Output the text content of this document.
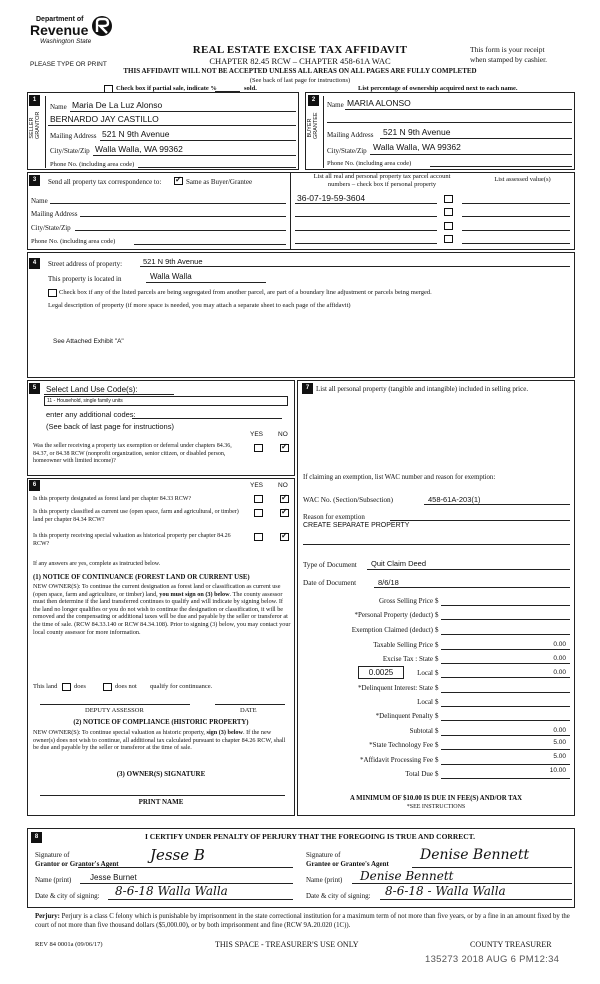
Department of
Revenue
Washington State
PLEASE TYPE OR PRINT
REAL ESTATE EXCISE TAX AFFIDAVIT
CHAPTER 82.45 RCW – CHAPTER 458-61A WAC
THIS AFFIDAVIT WILL NOT BE ACCEPTED UNLESS ALL AREAS ON ALL PAGES ARE FULLY COMPLETED
(See back of last page for instructions)
This form is your receipt
when stamped by cashier.
Check box if partial sale, indicate %	sold.	List percentage of ownership acquired next to each name.
1
SELLER GRANTOR
Name Maria De La Luz Alonso
BERNARDO JAY CASTILLO
Mailing Address 521 N 9th Avenue
City/State/Zip Walla Walla, WA 99362
Phone No. (including area code)
2
BUYER GRANTEE
Name MARIA ALONSO
Mailing Address 521 N 9th Avenue
City/State/Zip Walla Walla, WA 99362
Phone No. (including area code)
3	Send all property tax correspondence to:
✓	Same as Buyer/Grantee
Name
Mailing Address
City/State/Zip
Phone No. (including area code)
List all real and personal property tax parcel account
numbers – check box if personal property
List assessed value(s)
36-07-19-59-3604
4	Street address of property:	521 N 9th Avenue
This property is located in	Walla Walla
Check box if any of the listed parcels are being segregated from another parcel, are part of a boundary line adjustment or parcels being merged.
Legal description of property (if more space is needed, you may attach a separate sheet to each page of the affidavit)
See Attached Exhibit "A"
5	Select Land Use Code(s):
11 - Household, single family units
enter any additional codes:
(See back of last page for instructions)
YES NO
Was the seller receiving a property tax exemption or deferral under chapters 84.36, 84.37, or 84.38 RCW (nonprofit organization, senior citizen, or disabled person, homeowner with limited income)?
✓
6	YES NO
Is this property designated as forest land per chapter 84.33 RCW?
✓
Is this property classified as current use (open space, farm and agricultural, or timber) land per chapter 84.34 RCW?
✓
Is this property receiving special valuation as historical property per chapter 84.26 RCW?
✓
If any answers are yes, complete as instructed below.
(1) NOTICE OF CONTINUANCE (FOREST LAND OR CURRENT USE)
NEW OWNER(S): To continue the current designation as forest land or classification as current use (open space, farm and agriculture, or timber) land, you must sign on (3) below. The county assessor must then determine if the land transferred continues to qualify and will indicate by signing below. If the land no longer qualifies or you do not wish to continue the designation or classification, it will be removed and the compensating or additional taxes will be due and payable by the seller or transferor at the time of sale. (RCW 84.33.140 or RCW 84.34.108). Prior to signing (3) below, you may contact your local county assessor for more information.
This land	does	does not qualify for continuance.
DEPUTY ASSESSOR	DATE
(2) NOTICE OF COMPLIANCE (HISTORIC PROPERTY)
NEW OWNER(S): To continue special valuation as historic property, sign (3) below. If the new owner(s) does not wish to continue, all additional tax calculated pursuant to chapter 84.26 RCW, shall be due and payable by the seller or transferor at the time of sale.
(3) OWNER(S) SIGNATURE
PRINT NAME
7 List all personal property (tangible and intangible) included in selling price.
If claiming an exemption, list WAC number and reason for exemption:
WAC No. (Section/Subsection)	458-61A-203(1)
Reason for exemption
CREATE SEPARATE PROPERTY
Type of Document Quit Claim Deed
Date of Document	8/6/18
Gross Selling Price $
*Personal Property (deduct) $
Exemption Claimed (deduct) $
Taxable Selling Price $	0.00
Excise Tax : State $	0.00
0.0025	Local $	0.00
*Delinquent Interest: State $
Local $
*Delinquent Penalty $
Subtotal $	0.00
*State Technology Fee $	5.00
*Affidavit Processing Fee $	5.00
Total Due $	10.00
A MINIMUM OF $10.00 IS DUE IN FEE(S) AND/OR TAX
*SEE INSTRUCTIONS
8	I CERTIFY UNDER PENALTY OF PERJURY THAT THE FOREGOING IS TRUE AND CORRECT.
Signature of
Grantor or Grantor's Agent Jesse B
Name (print) Jesse Burnet
Date & city of signing: 8-6-18 Walla Walla
Signature of
Grantee or Grantee's Agent
Denise Bennett
Name (print) Denise Bennett
Date & city of signing: 8-6-18 - Walla Walla
Perjury: Perjury is a class C felony which is punishable by imprisonment in the state correctional institution for a maximum term of not more than five years, or by a fine in an amount fixed by the court of not more than five thousand dollars ($5,000.00), or by both imprisonment and fine (RCW 9A.20.020 (1C)).
REV 84 0001a (09/06/17)	THIS SPACE - TREASURER'S USE ONLY	COUNTY TREASURER
135273 2018 AUG 6 PM12:34
